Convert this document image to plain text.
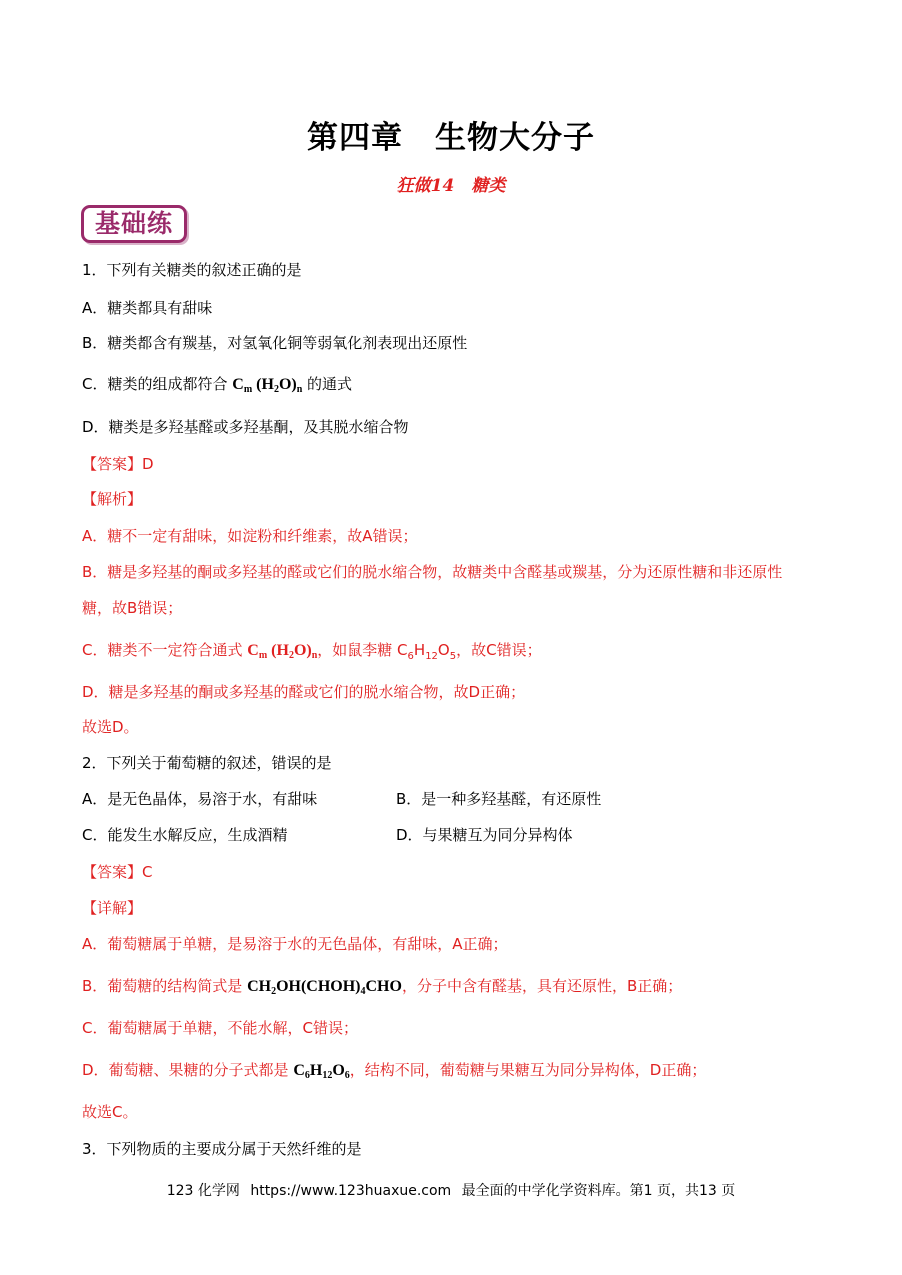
第四章　生物大分子
狂做14　糖类
基础练
1．下列有关糖类的叙述正确的是
A．糖类都具有甜味
B．糖类都含有羰基，对氢氧化铜等弱氧化剂表现出还原性
C．糖类的组成都符合 $C_m$ $(H_2O)_n$ 的通式
D．糖类是多羟基醛或多羟基酮，及其脱水缩合物
【答案】D
【解析】
A．糖不一定有甜味，如淀粉和纤维素，故A错误；
B．糖是多羟基的酮或多羟基的醛或它们的脱水缩合物，故糖类中含醛基或羰基，分为还原性糖和非还原性
糖，故B错误；
C．糖类不一定符合通式 $C_m$ $(H_2O)_n$，如鼠李糖 $C_6H_{12}O_5$，故C错误；
D．糖是多羟基的酮或多羟基的醛或它们的脱水缩合物，故D正确；
故选D。
2．下列关于葡萄糖的叙述，错误的是
A．是无色晶体，易溶于水，有甜味	B．是一种多羟基醛，有还原性
C．能发生水解反应，生成酒精	D．与果糖互为同分异构体
【答案】C
【详解】
A．葡萄糖属于单糖，是易溶于水的无色晶体，有甜味，A正确；
B．葡萄糖的结构简式是 $CH_2OH(CHOH)_4CHO$，分子中含有醛基，具有还原性，B正确；
C．葡萄糖属于单糖，不能水解，C错误；
D．葡萄糖、果糖的分子式都是 $C_6H_{12}O_6$，结构不同，葡萄糖与果糖互为同分异构体，D正确；
故选C。
3．下列物质的主要成分属于天然纤维的是
123 化学网 https://www.123huaxue.com 最全面的中学化学资料库。第1 页，共13 页
